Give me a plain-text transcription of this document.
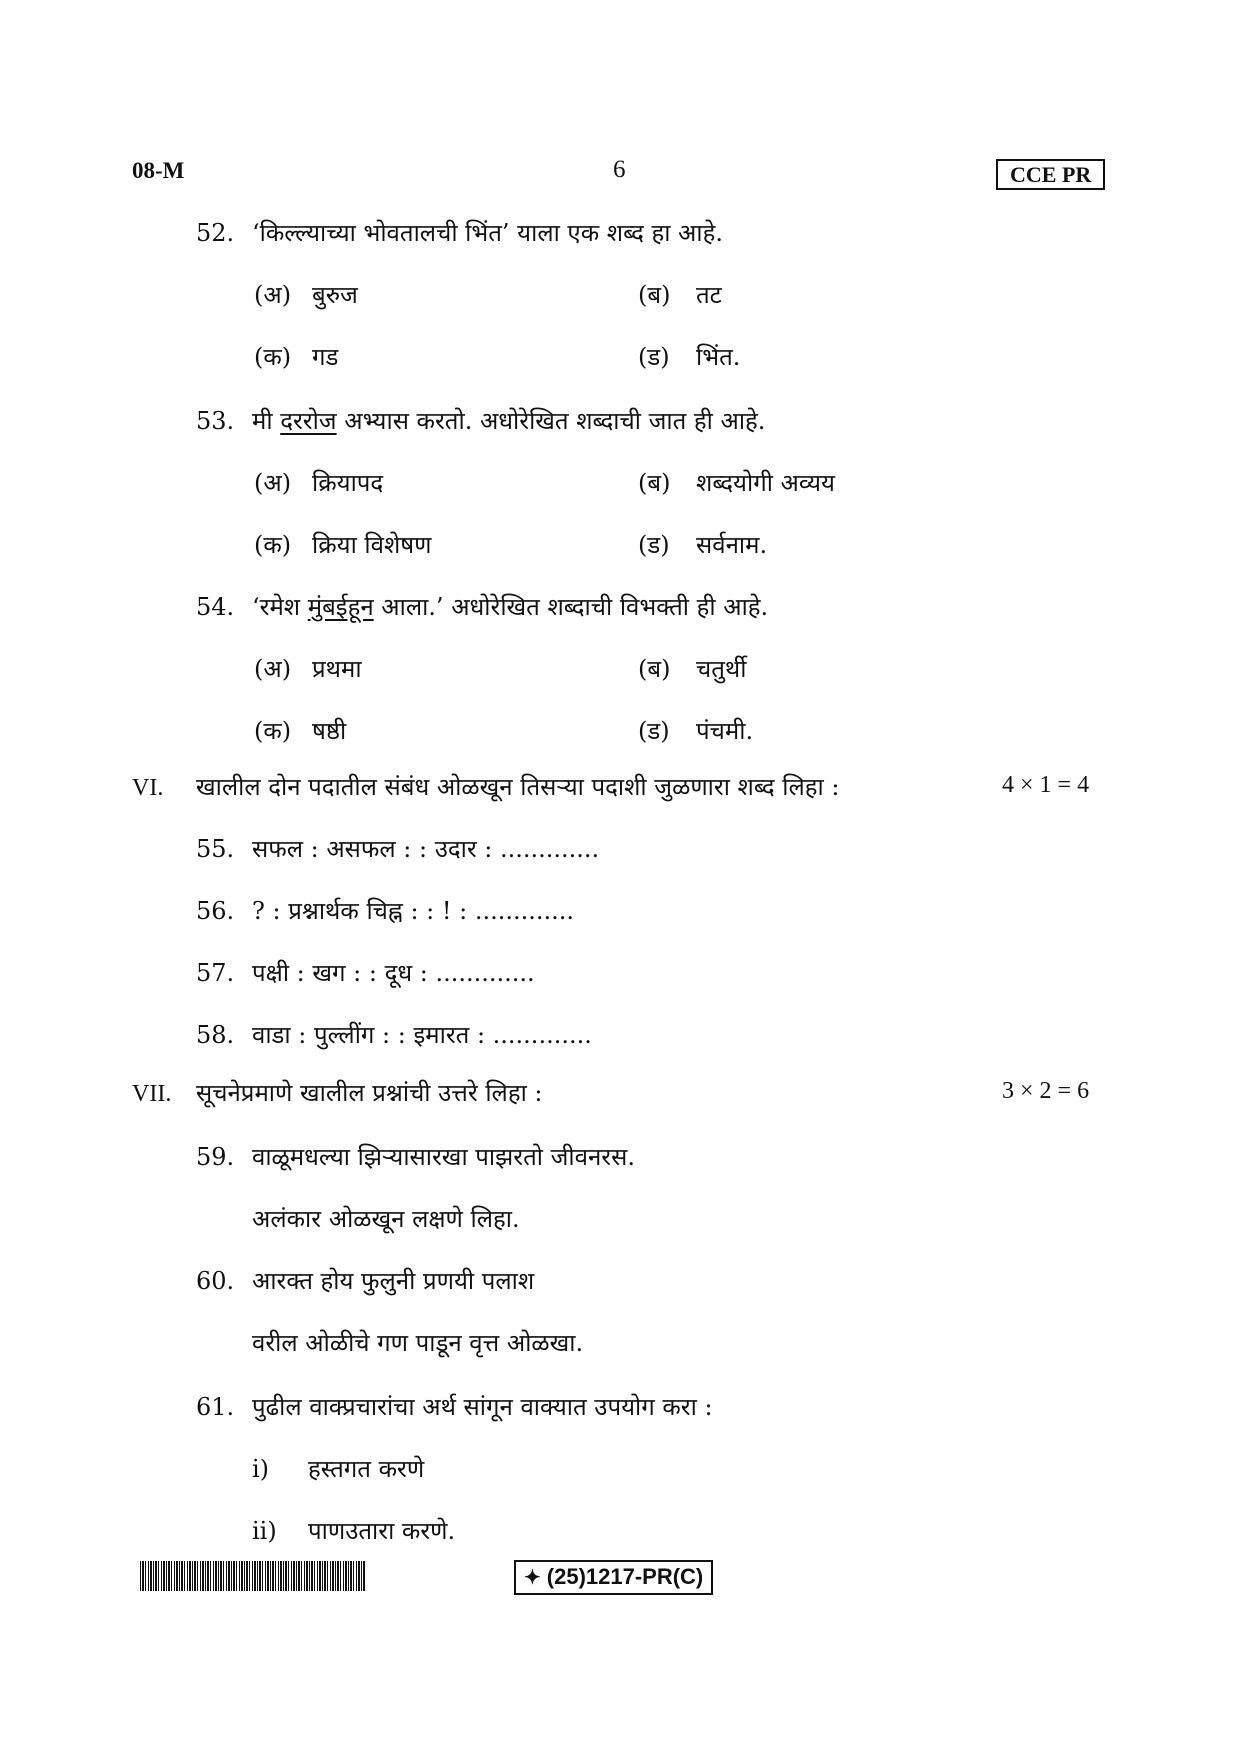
08-M	6	CCE PR
52. ‘किल्ल्याच्या भोवतालची भिंत’ याला एक शब्द हा आहे.
(अ) बुरुज	(ब) तट
(क) गड	(ड) भिंत.
53. मी दररोज अभ्यास करतो. अधोरेखित शब्दाची जात ही आहे.
(अ) क्रियापद	(ब) शब्दयोगी अव्यय
(क) क्रिया विशेषण	(ड) सर्वनाम.
54. ‘रमेश मुंबईहून आला.’ अधोरेखित शब्दाची विभक्ती ही आहे.
(अ) प्रथमा	(ब) चतुर्थी
(क) षष्ठी	(ड) पंचमी.
VI. खालील दोन पदातील संबंध ओळखून तिसऱ्या पदाशी जुळणारा शब्द लिहा :	4 × 1 = 4
55. सफल : असफल : : उदार : .............
56. ? : प्रश्नार्थक चिह्न : : ! : .............
57. पक्षी : खग : : दूध : .............
58. वाडा : पुल्लींग : : इमारत : .............
VII. सूचनेप्रमाणे खालील प्रश्नांची उत्तरे लिहा :	3 × 2 = 6
59. वाळूमधल्या झिऱ्यासारखा पाझरतो जीवनरस.
अलंकार ओळखून लक्षणे लिहा.
60. आरक्त होय फुलुनी प्रणयी पलाश
वरील ओळीचे गण पाडून वृत्त ओळखा.
61. पुढील वाक्प्रचारांचा अर्थ सांगून वाक्यात उपयोग करा :
i) हस्तगत करणे
ii) पाणउतारा करणे.
✦ (25)1217-PR(C)
